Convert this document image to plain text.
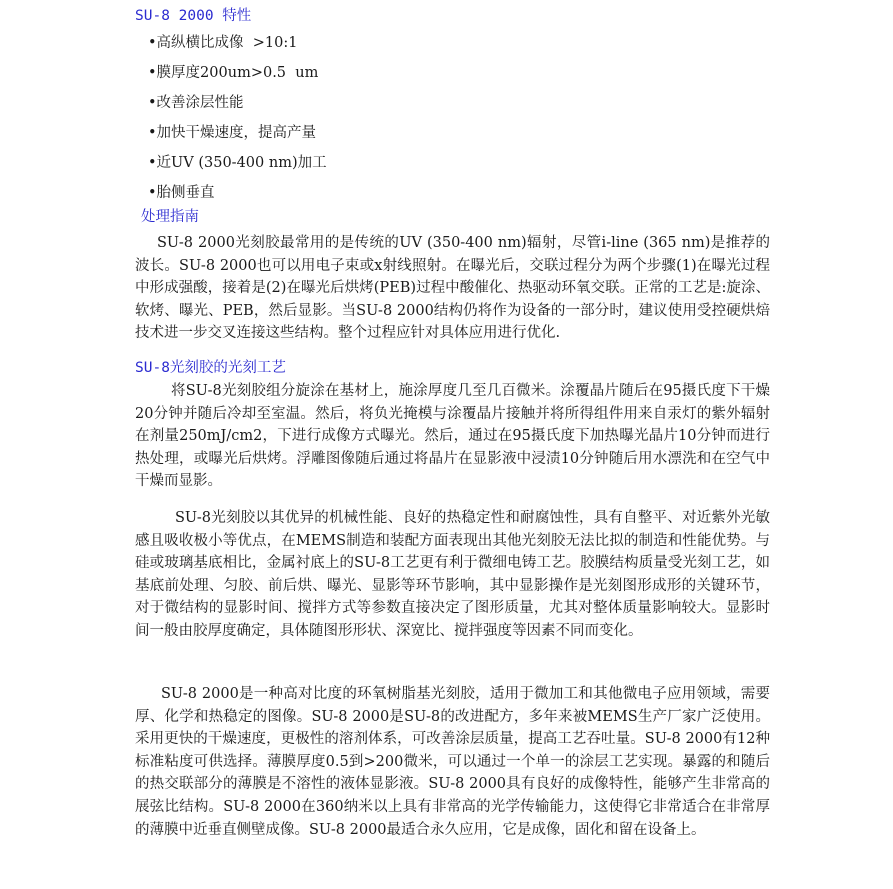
SU-8 2000 特性
•高纵横比成像  >10:1
•膜厚度200um>0.5  um
•改善涂层性能
•加快干燥速度，提高产量
•近UV (350-400 nm)加工
•胎侧垂直
处理指南

SU-8 2000光刻胶最常用的是传统的UV (350-400 nm)辐射，尽管i-line (365 nm)是推荐的波长。SU-8 2000也可以用电子束或x射线照射。在曝光后，交联过程分为两个步骤(1)在曝光过程中形成强酸，接着是(2)在曝光后烘烤(PEB)过程中酸催化、热驱动环氧交联。正常的工艺是:旋涂、软烤、曝光、PEB，然后显影。当SU-8 2000结构仍将作为设备的一部分时，建议使用受控硬烘焙技术进一步交叉连接这些结构。整个过程应针对具体应用进行优化.

SU-8光刻胶的光刻工艺

将SU-8光刻胶组分旋涂在基材上，施涂厚度几至几百微米。涂覆晶片随后在95摄氏度下干燥20分钟并随后冷却至室温。然后，将负光掩模与涂覆晶片接触并将所得组件用来自汞灯的紫外辐射在剂量250mJ/cm2，下进行成像方式曝光。然后，通过在95摄氏度下加热曝光晶片10分钟而进行热处理，或曝光后烘烤。浮雕图像随后通过将晶片在显影液中浸渍10分钟随后用水漂洗和在空气中干燥而显影。

SU-8光刻胶以其优异的机械性能、良好的热稳定性和耐腐蚀性，具有自整平、对近紫外光敏感且吸收极小等优点，在MEMS制造和装配方面表现出其他光刻胶无法比拟的制造和性能优势。与硅或玻璃基底相比，金属衬底上的SU-8工艺更有利于微细电铸工艺。胶膜结构质量受光刻工艺，如基底前处理、匀胶、前后烘、曝光、显影等环节影响，其中显影操作是光刻图形成形的关键环节，对于微结构的显影时间、搅拌方式等参数直接决定了图形质量，尤其对整体质量影响较大。显影时间一般由胶厚度确定，具体随图形形状、深宽比、搅拌强度等因素不同而变化。

SU-8 2000是一种高对比度的环氧树脂基光刻胶，适用于微加工和其他微电子应用领域，需要厚、化学和热稳定的图像。SU-8 2000是SU-8的改进配方，多年来被MEMS生产厂家广泛使用。采用更快的干燥速度，更极性的溶剂体系，可改善涂层质量，提高工艺吞吐量。SU-8 2000有12种标准粘度可供选择。薄膜厚度0.5到>200微米，可以通过一个单一的涂层工艺实现。暴露的和随后的热交联部分的薄膜是不溶性的液体显影液。SU-8 2000具有良好的成像特性，能够产生非常高的展弦比结构。SU-8 2000在360纳米以上具有非常高的光学传输能力，这使得它非常适合在非常厚的薄膜中近垂直侧壁成像。SU-8 2000最适合永久应用，它是成像，固化和留在设备上。
